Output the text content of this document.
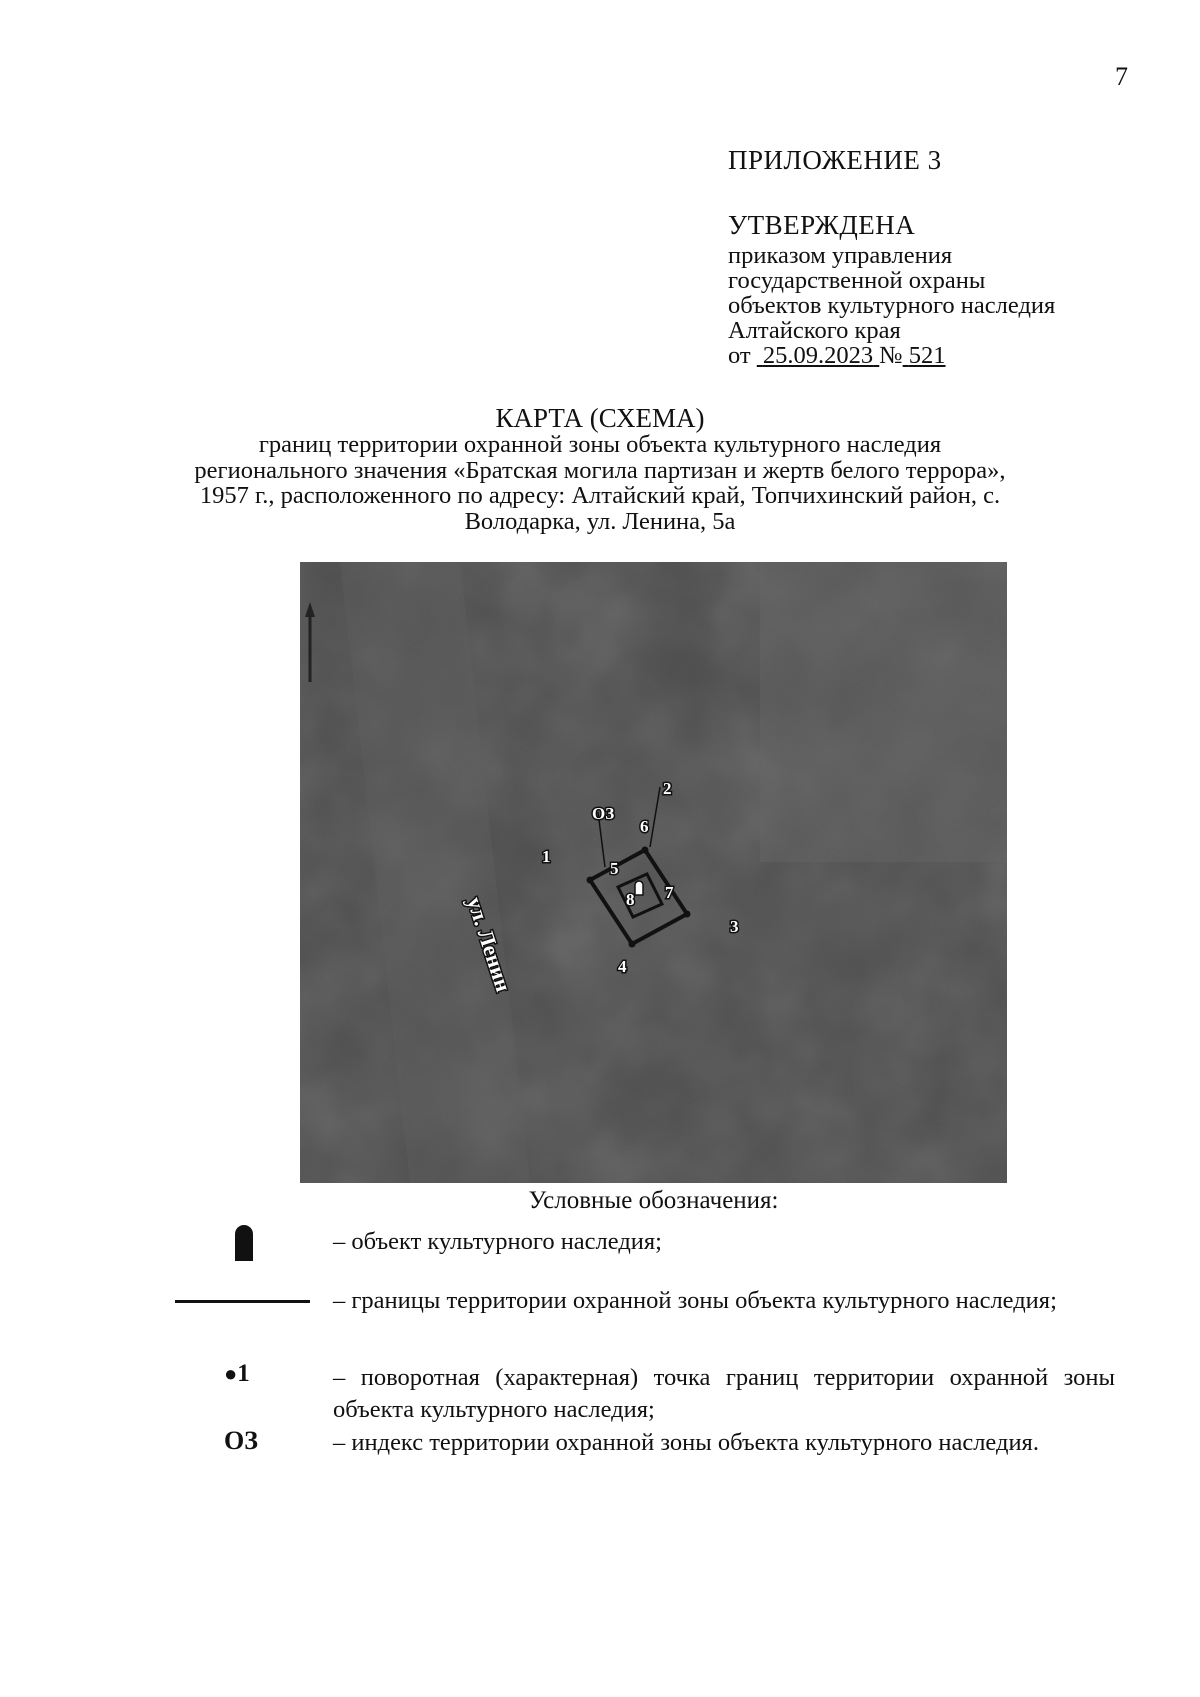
7
ПРИЛОЖЕНИЕ 3
УТВЕРЖДЕНА
приказом управления
государственной охраны
объектов культурного наследия
Алтайского края
от 25.09.2023 № 521
КАРТА (СХЕМА)
границ территории охранной зоны объекта культурного наследия регионального значения «Братская могила партизан и жертв белого террора», 1957 г., расположенного по адресу: Алтайский край, Топчихинский район, с. Володарка, ул. Ленина, 5а
ОЗ
1
2
3
4
5
6
7
8
ул. Ленин
Условные обозначения:
– объект культурного наследия;
– границы территории охранной зоны объекта культурного наследия;
●1	– поворотная (характерная) точка границ территории охранной зоны объекта культурного наследия;
ОЗ	– индекс территории охранной зоны объекта культурного наследия.
